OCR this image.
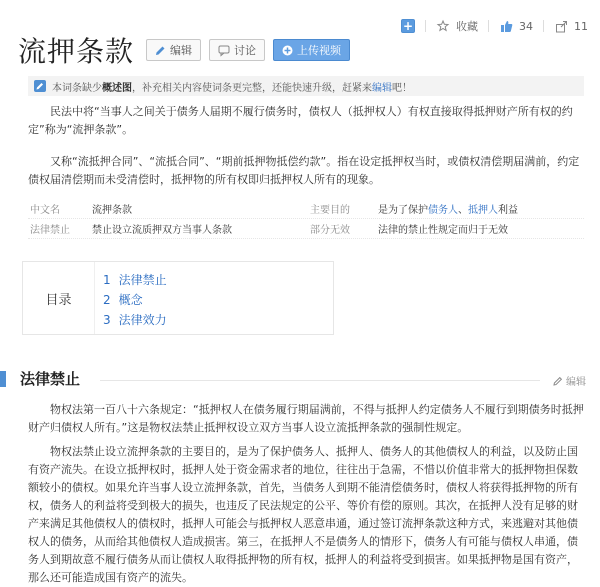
+	收藏	34	11
流押条款	编辑	讨论	上传视频
本词条缺少概述图，补充相关内容使词条更完整，还能快速升级，赶紧来编辑吧！

民法中将“当事人之间关于债务人届期不履行债务时，债权人（抵押权人）有权直接取得抵押财产所有权的约定”称为“流押条款”。

又称“流抵押合同”、“流抵合同”、“期前抵押物抵偿约款”。指在设定抵押权当时，或债权清偿期届满前，约定债权届清偿期而未受清偿时，抵押物的所有权即归抵押权人所有的现象。

中文名	流押条款	主要目的	是为了保护债务人、抵押人利益
法律禁止	禁止设立流质押双方当事人条款	部分无效	法律的禁止性规定而归于无效
目录
1 法律禁止
2 概念
3 法律效力
法律禁止	编辑

物权法第一百八十六条规定：“抵押权人在债务履行期届满前，不得与抵押人约定债务人不履行到期债务时抵押财产归债权人所有。”这是物权法禁止抵押权设立双方当事人设立流抵押条款的强制性规定。

物权法禁止设立流押条款的主要目的，是为了保护债务人、抵押人、债务人的其他债权人的利益，以及防止国有资产流失。在设立抵押权时，抵押人处于资金需求者的地位，往往出于急需，不惜以价值非常大的抵押物担保数额较小的债权。如果允许当事人设立流押条款，首先，当债务人到期不能清偿债务时，债权人将获得抵押物的所有权，债务人的利益将受到极大的损失，也违反了民法规定的公平、等价有偿的原则。其次，在抵押人没有足够的财产来满足其他债权人的债权时，抵押人可能会与抵押权人恶意串通，通过签订流押条款这种方式，来逃避对其他债权人的债务，从而给其他债权人造成损害。第三，在抵押人不是债务人的情形下，债务人有可能与债权人串通，债务人到期故意不履行债务从而让债权人取得抵押物的所有权，抵押人的利益将受到损害。如果抵押物是国有资产，那么还可能造成国有资产的流失。
